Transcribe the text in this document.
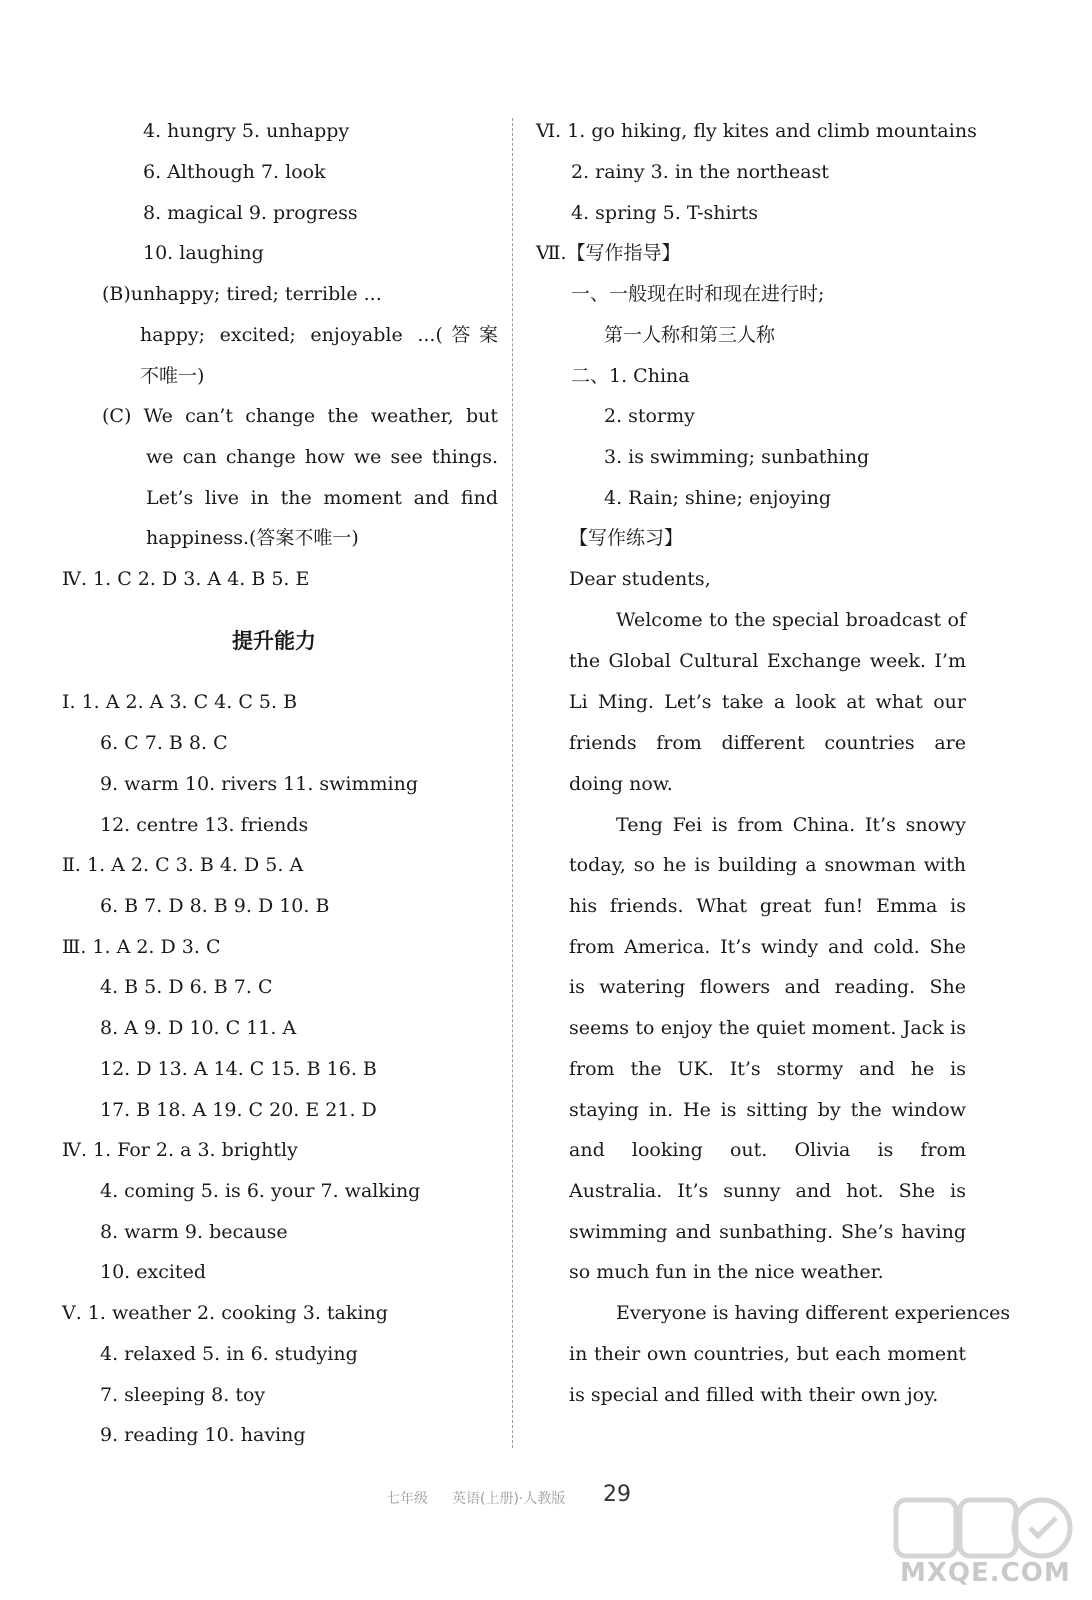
4. hungry 5. unhappy
6. Although 7. look
8. magical 9. progress
10. laughing
(B)unhappy; tired; terrible ...
happy; excited; enjoyable ...(答案
不唯一)
(C) We can’t change the weather, but
we can change how we see things.
Let’s live in the moment and find
happiness.(答案不唯一)
Ⅳ. 1. C 2. D 3. A 4. B 5. E
提升能力
Ⅰ. 1. A 2. A 3. C 4. C 5. B
6. C 7. B 8. C
9. warm 10. rivers 11. swimming
12. centre 13. friends
Ⅱ. 1. A 2. C 3. B 4. D 5. A
6. B 7. D 8. B 9. D 10. B
Ⅲ. 1. A 2. D 3. C
4. B 5. D 6. B 7. C
8. A 9. D 10. C 11. A
12. D 13. A 14. C 15. B 16. B
17. B 18. A 19. C 20. E 21. D
Ⅳ. 1. For 2. a 3. brightly
4. coming 5. is 6. your 7. walking
8. warm 9. because
10. excited
Ⅴ. 1. weather 2. cooking 3. taking
4. relaxed 5. in 6. studying
7. sleeping 8. toy
9. reading 10. having
Ⅵ. 1. go hiking, fly kites and climb mountains
2. rainy 3. in the northeast
4. spring 5. T-shirts
Ⅶ.【写作指导】
一、一般现在时和现在进行时;
第一人称和第三人称
二、1. China
2. stormy
3. is swimming; sunbathing
4. Rain; shine; enjoying
【写作练习】
Dear students,
Welcome to the special broadcast of
the Global Cultural Exchange week. I’m
Li Ming. Let’s take a look at what our
friends from different countries are
doing now.
Teng Fei is from China. It’s snowy
today, so he is building a snowman with
his friends. What great fun! Emma is
from America. It’s windy and cold. She
is watering flowers and reading. She
seems to enjoy the quiet moment. Jack is
from the UK. It’s stormy and he is
staying in. He is sitting by the window
and looking out. Olivia is from
Australia. It’s sunny and hot. She is
swimming and sunbathing. She’s having
so much fun in the nice weather.
Everyone is having different experiences
in their own countries, but each moment
is special and filled with their own joy.
七年级 英语(上册)·人教版 29
MXQE.COM
